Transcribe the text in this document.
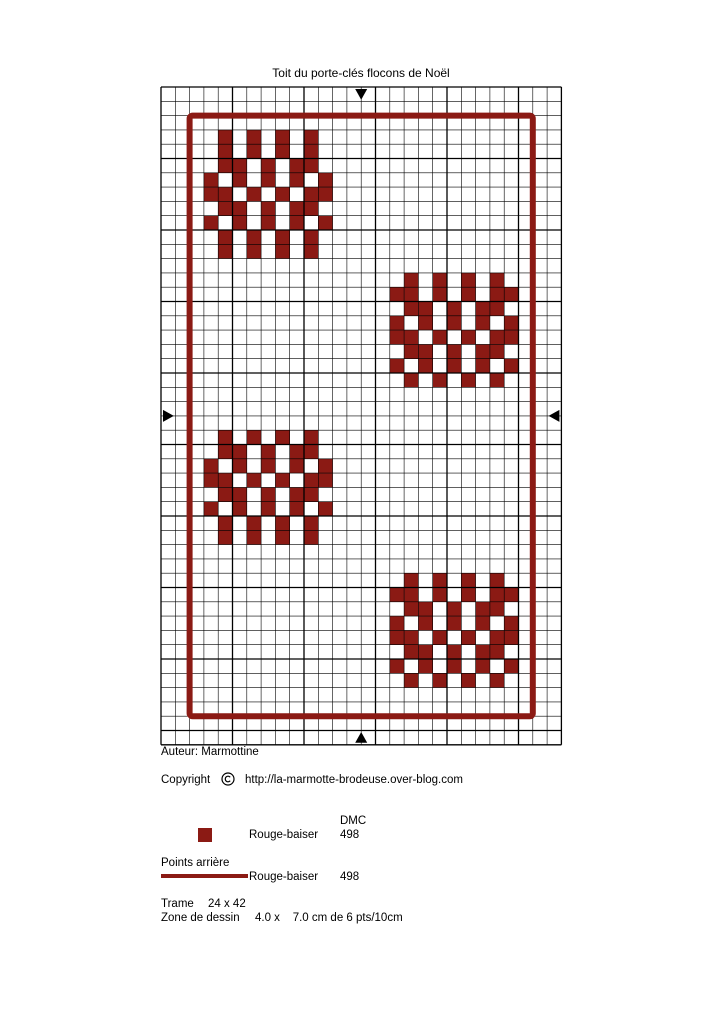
Toit du porte-clés flocons de Noël
Auteur: Marmottine
Copyright	http://la-marmotte-brodeuse.over-blog.com
DMC
Rouge-baiser 498
Points arrière
Rouge-baiser 498
Trame 24 x 42
Zone de dessin 4.0 x    7.0 cm de 6 pts/10cm
